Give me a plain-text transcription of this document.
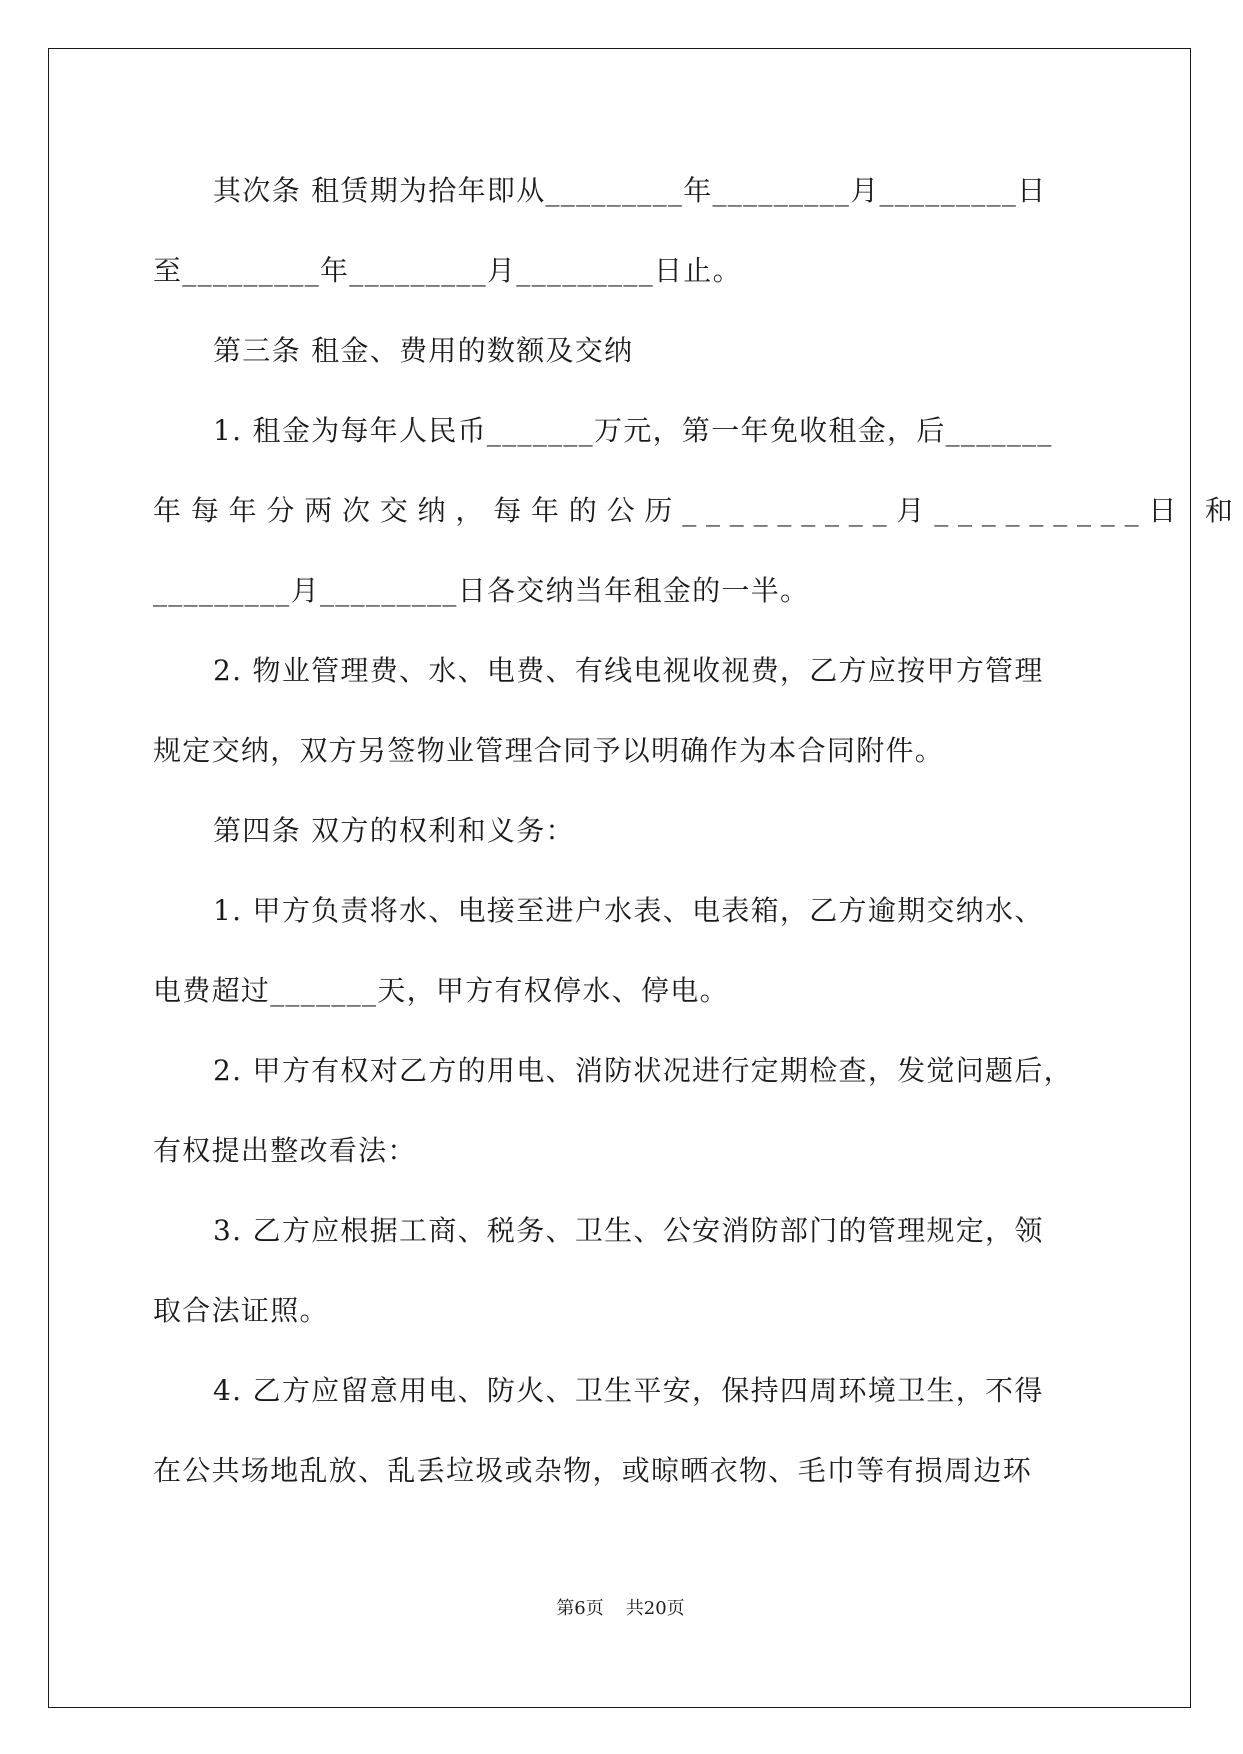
其次条 租赁期为拾年即从_________年_________月_________日
至_________年_________月_________日止。
第三条 租金、费用的数额及交纳
1. 租金为每年人民币_______万元，第一年免收租金，后_______
年每年分两次交纳，每年的公历_________月_________日 和
_________月_________日各交纳当年租金的一半。
2. 物业管理费、水、电费、有线电视收视费，乙方应按甲方管理
规定交纳，双方另签物业管理合同予以明确作为本合同附件。
第四条 双方的权利和义务：
1. 甲方负责将水、电接至进户水表、电表箱，乙方逾期交纳水、
电费超过_______天，甲方有权停水、停电。
2. 甲方有权对乙方的用电、消防状况进行定期检查，发觉问题后，
有权提出整改看法：
3. 乙方应根据工商、税务、卫生、公安消防部门的管理规定，领
取合法证照。
4. 乙方应留意用电、防火、卫生平安，保持四周环境卫生，不得
在公共场地乱放、乱丢垃圾或杂物，或晾晒衣物、毛巾等有损周边环
第6页 共20页
